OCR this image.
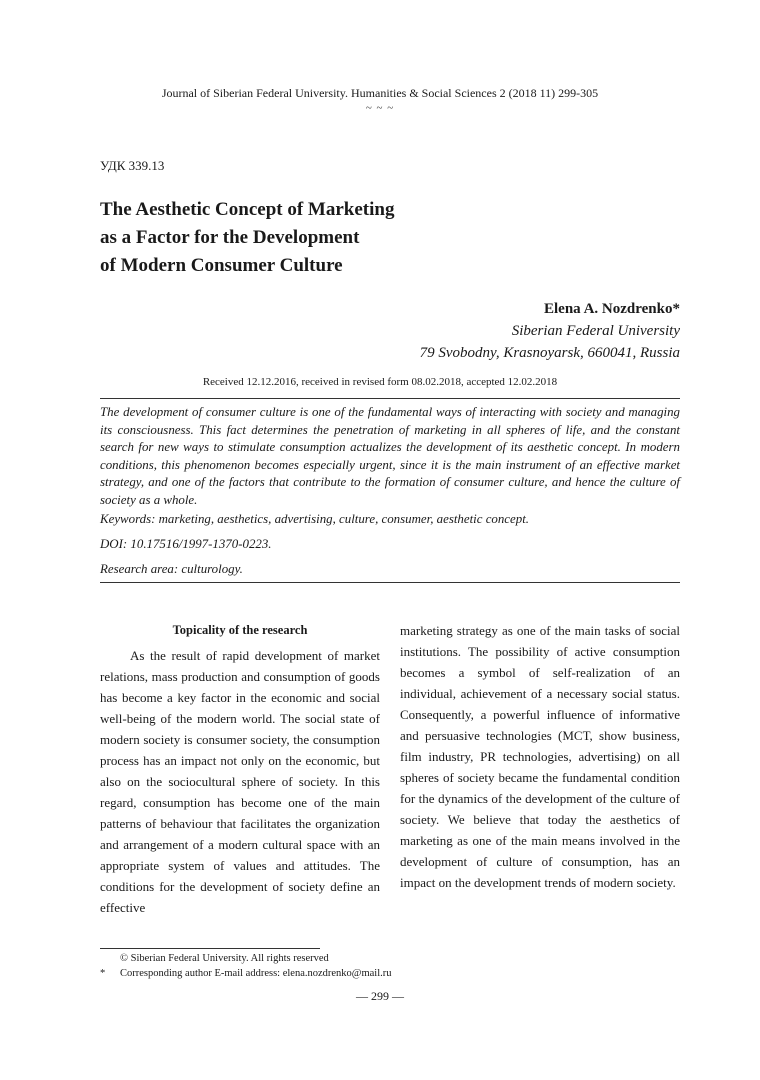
Journal of Siberian Federal University. Humanities & Social Sciences 2 (2018 11) 299-305
~ ~ ~
УДК 339.13
The Aesthetic Concept of Marketing
as a Factor for the Development
of Modern Consumer Culture
Elena A. Nozdrenko*
Siberian Federal University
79 Svobodny, Krasnoyarsk, 660041, Russia
Received 12.12.2016, received in revised form 08.02.2018, accepted 12.02.2018
The development of consumer culture is one of the fundamental ways of interacting with society and managing its consciousness. This fact determines the penetration of marketing in all spheres of life, and the constant search for new ways to stimulate consumption actualizes the development of its aesthetic concept. In modern conditions, this phenomenon becomes especially urgent, since it is the main instrument of an effective market strategy, and one of the factors that contribute to the formation of consumer culture, and hence the culture of society as a whole.
Keywords: marketing, aesthetics, advertising, culture, consumer, aesthetic concept.
DOI: 10.17516/1997-1370-0223.
Research area: culturology.
Topicality of the research

As the result of rapid development of market relations, mass production and consumption of goods has become a key factor in the economic and social well-being of the modern world. The social state of modern society is consumer society, the consumption process has an impact not only on the economic, but also on the sociocultural sphere of society. In this regard, consumption has become one of the main patterns of behaviour that facilitates the organization and arrangement of a modern cultural space with an appropriate system of values and attitudes. The conditions for the development of society define an effective

marketing strategy as one of the main tasks of social institutions. The possibility of active consumption becomes a symbol of self-realization of an individual, achievement of a necessary social status. Consequently, a powerful influence of informative and persuasive technologies (MCT, show business, film industry, PR technologies, advertising) on all spheres of society became the fundamental condition for the dynamics of the development of the culture of society. We believe that today the aesthetics of marketing as one of the main means involved in the development of culture of consumption, has an impact on the development trends of modern society.

© Siberian Federal University. All rights reserved
*	Corresponding author E-mail address: elena.nozdrenko@mail.ru
— 299 —
